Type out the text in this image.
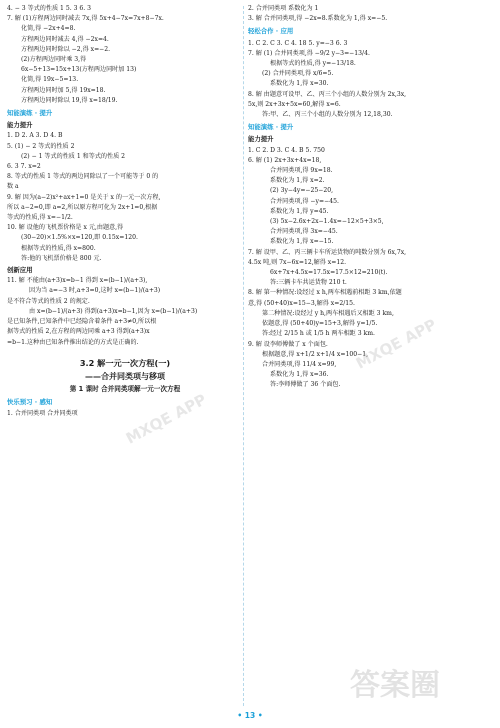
4. − 3 等式的性质 1 5. 3 6. 3
7. 解 (1)方程两边同时减去 7x,得 5x+4−7x=7x+8−7x.
化简,得 −2x+4=8.
方程两边同时减去 4,得 −2x=4.
方程两边同时除以 −2,得 x=−2.
(2)方程两边同时乘 3,得
6x−5+13=15x+13(方程两边同时加 13)
化简,得 19x−5=13.
方程两边同时加 5,得 19x=18.
方程两边同时除以 19,得 x=18/19.
知能演练 · 提升
能力提升
1. D 2. A 3. D 4. B
5. (1) − 2 等式的性质 2
(2) − 1 等式的性质 1 和等式的性质 2
6. 3 7. x=2
8. 等式的性质 1 等式的两边同除以了一个可能等于 0 的
数 a
9. 解 因为(a−2)x²+ax+1=0 是关于 x 的一元一次方程,
所以 a−2=0,即 a=2,所以原方程可化为 2x+1=0,根据
等式的性质,得 x=−1/2.
10. 解 设他的飞机票价格是 x 元,由题意,得
(30−20)×1.5%×x=120,即 0.15x=120.
根据等式的性质,得 x=800.
答:他的飞机票价格是 800 元.
创新应用
11. 解 不能由(a+3)x=b−1 得到 x=(b−1)/(a+3),
因为当 a=−3 时,a+3=0,这时 x=(b−1)/(a+3)
是不符合等式的性质 2 的规定.
由 x=(b−1)/(a+3) 得到(a+3)x=b−1,因为 x=(b−1)/(a+3)
是已知条件,已知条件中已经隐含着条件 a+3≠0,所以根
据等式的性质 2,在方程的两边同乘 a+3 得到(a+3)x
=b−1.这种由已知条件推出结论的方式是正确的.
3.2 解一元一次方程(一)
——合并同类项与移项
第 1 课时 合并同类项解一元一次方程
快乐预习 · 感知
1. 合并同类项 合并同类项
2. 合并同类项 系数化为 1
3. 解 合并同类项,得 −2x=8.系数化为 1,得 x=−5.
轻松合作 · 应用
1. C 2. C 3. C 4. 18 5. y=−3 6. 3
7. 解 (1) 合并同类项,得 −9/2 y−3=−13/4.
根据等式的性质,得 y=−13/18.
(2) 合并同类项,得 x/6=5.
系数化为 1,得 x=30.
8. 解 由题意可设甲、乙、丙三个小组的人数分别为 2x,3x,
5x,则 2x+3x+5x=60,解得 x=6.
答:甲、乙、丙三个小组的人数分别为 12,18,30.
知能演练 · 提升
能力提升
1. C 2. D 3. C 4. B 5. 750
6. 解 (1) 2x+3x+4x=18,
合并同类项,得 9x=18.
系数化为 1,得 x=2.
(2) 3y−4y=−25−20,
合并同类项,得 −y=−45.
系数化为 1,得 y=45.
(3) 5x−2.6x+2x−1.4x=−12×5+3×5,
合并同类项,得 3x=−45.
系数化为 1,得 x=−15.
7. 解 设甲、乙、丙三辆卡车所运货物的吨数分别为 6x,7x,
4.5x 吨,则 7x−6x=12,解得 x=12.
6x+7x+4.5x=17.5x=17.5×12=210(t).
答:三辆卡车共运货物 210 t.
8. 解 第一种情况:设经过 x h,两车相遇前相距 3 km,依题
意,得 (50+40)x=15−3,解得 x=2/15.
第二种情况:设经过 y h,两车相遇后又相距 3 km,
依题意,得 (50+40)y=15+3,解得 y=1/5.
答:经过 2/15 h 或 1/5 h 两车相距 3 km.
9. 解 设李师傅做了 x 个面包.
根据题意,得 x+1/2 x+1/4 x=100−1,
合并同类项,得 11/4 x=99,
系数化为 1,得 x=36.
答:李师傅做了 36 个面包.
• 13 •
MXQE APP
MXQE APP
答案圈
